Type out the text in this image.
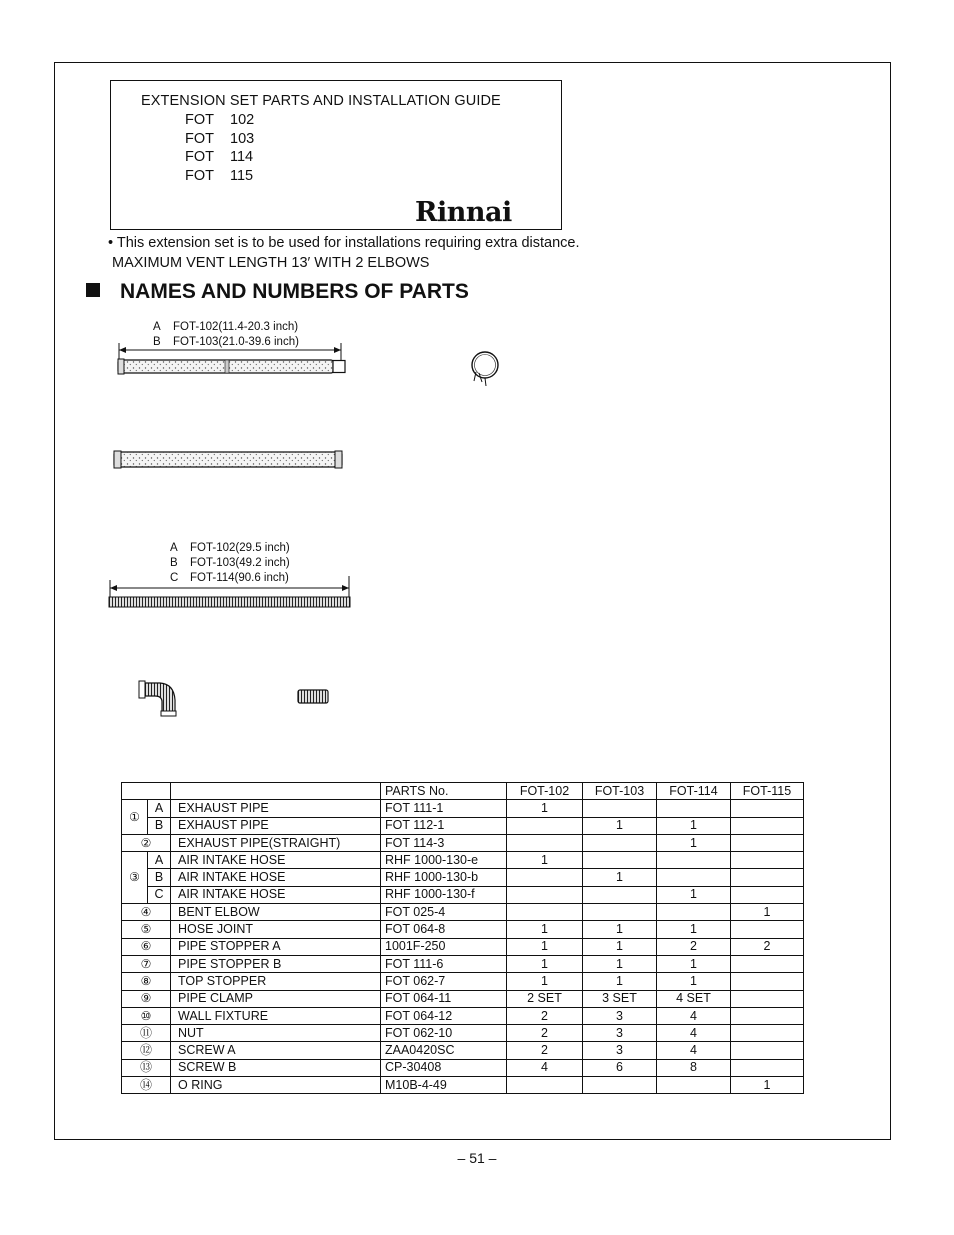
EXTENSION SET PARTS AND INSTALLATION GUIDE
FOT 102
FOT 103
FOT 114
FOT 115
Rinnai
• This extension set is to be used for installations requiring extra distance.
MAXIMUM VENT LENGTH 13′ WITH 2 ELBOWS
NAMES AND NUMBERS OF PARTS
A FOT-102(11.4-20.3 inch)
B FOT-103(21.0-39.6 inch)
A FOT-102(29.5 inch)
B FOT-103(49.2 inch)
C FOT-114(90.6 inch)
			PARTS No.	FOT-102	FOT-103	FOT-114	FOT-115
①	A	EXHAUST PIPE	FOT 111-1	1			
	B	EXHAUST PIPE	FOT 112-1		1	1	
②		EXHAUST PIPE(STRAIGHT)	FOT 114-3			1	
③	A	AIR INTAKE HOSE	RHF 1000-130-e	1			
	B	AIR INTAKE HOSE	RHF 1000-130-b		1		
	C	AIR INTAKE HOSE	RHF 1000-130-f			1	
④		BENT ELBOW	FOT 025-4				1
⑤		HOSE JOINT	FOT 064-8	1	1	1	
⑥		PIPE STOPPER A	1001F-250	1	1	2	2
⑦		PIPE STOPPER B	FOT 111-6	1	1	1	
⑧		TOP STOPPER	FOT 062-7	1	1	1	
⑨		PIPE CLAMP	FOT 064-11	2 SET	3 SET	4 SET	
⑩		WALL FIXTURE	FOT 064-12	2	3	4	
⑪		NUT	FOT 062-10	2	3	4	
⑫		SCREW A	ZAA0420SC	2	3	4	
⑬		SCREW B	CP-30408	4	6	8	
⑭		O RING	M10B-4-49				1
– 51 –
